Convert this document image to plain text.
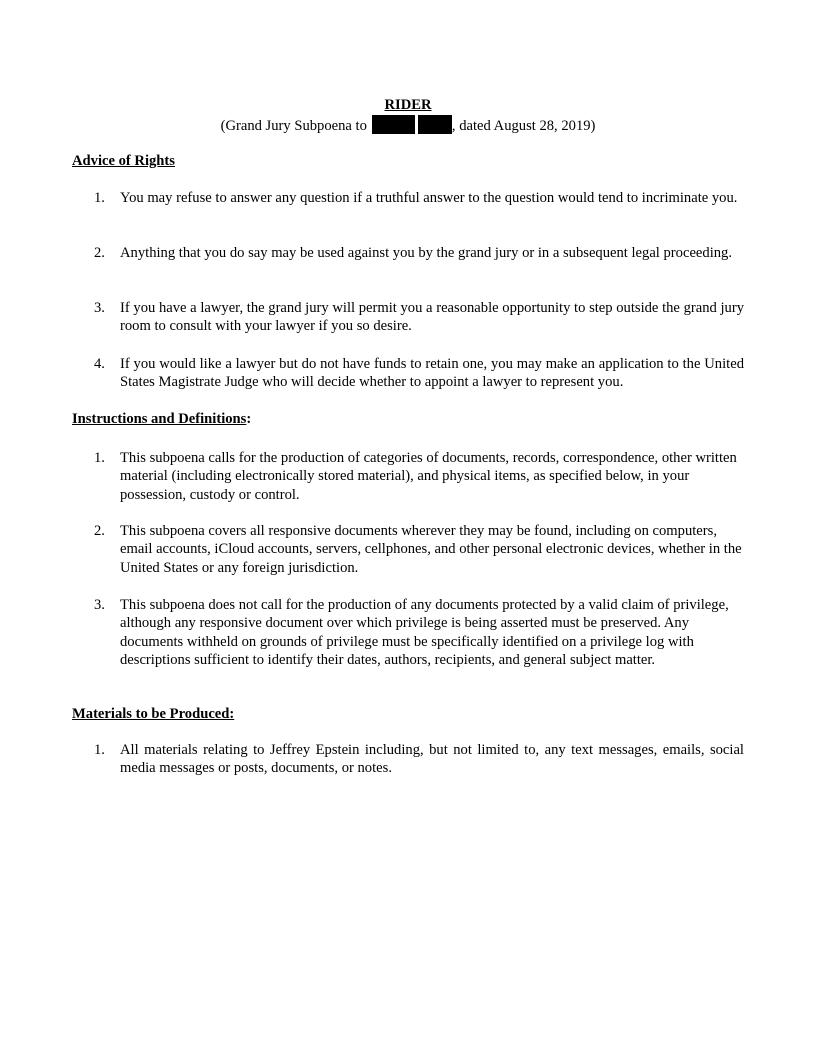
RIDER
(Grand Jury Subpoena to	, dated August 28, 2019)
Advice of Rights
1.	You may refuse to answer any question if a truthful answer to the question would tend to incriminate you.
2.	Anything that you do say may be used against you by the grand jury or in a subsequent legal proceeding.
3.	If you have a lawyer, the grand jury will permit you a reasonable opportunity to step outside the grand jury room to consult with your lawyer if you so desire.
4.	If you would like a lawyer but do not have funds to retain one, you may make an application to the United States Magistrate Judge who will decide whether to appoint a lawyer to represent you.
Instructions and Definitions:
1.	This subpoena calls for the production of categories of documents, records, correspondence, other written material (including electronically stored material), and physical items, as specified below, in your possession, custody or control.
2.	This subpoena covers all responsive documents wherever they may be found, including on computers, email accounts, iCloud accounts, servers, cellphones, and other personal electronic devices, whether in the United States or any foreign jurisdiction.
3.	This subpoena does not call for the production of any documents protected by a valid claim of privilege, although any responsive document over which privilege is being asserted must be preserved. Any documents withheld on grounds of privilege must be specifically identified on a privilege log with descriptions sufficient to identify their dates, authors, recipients, and general subject matter.
Materials to be Produced:
1.	All materials relating to Jeffrey Epstein including, but not limited to, any text messages, emails, social media messages or posts, documents, or notes.
